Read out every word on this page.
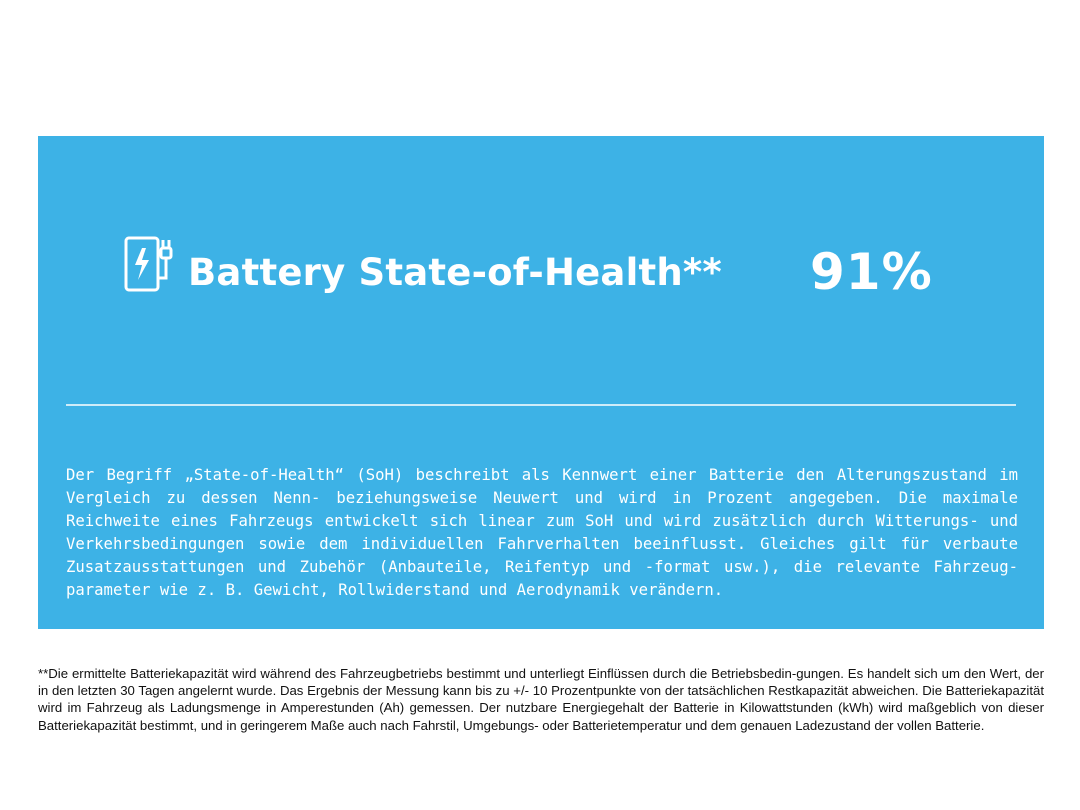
Battery State-of-Health** 91%
Der Begriff „State-of-Health“ (SoH) beschreibt als Kennwert einer Batterie den Alterungszustand im Vergleich zu dessen Nenn- beziehungsweise Neuwert und wird in Prozent angegeben. Die maximale Reichweite eines Fahrzeugs entwickelt sich linear zum SoH und wird zusätzlich durch Witterungs- und Verkehrsbedingungen sowie dem individuellen Fahrverhalten beeinflusst. Gleiches gilt für verbaute Zusatzausstattungen und Zubehör (Anbauteile, Reifentyp und -format usw.), die relevante Fahrzeug-parameter wie z. B. Gewicht, Rollwiderstand und Aerodynamik verändern.
**Die ermittelte Batteriekapazität wird während des Fahrzeugbetriebs bestimmt und unterliegt Einflüssen durch die Betriebsbedin-gungen. Es handelt sich um den Wert, der in den letzten 30 Tagen angelernt wurde. Das Ergebnis der Messung kann bis zu +/- 10 Prozentpunkte von der tatsächlichen Restkapazität abweichen. Die Batteriekapazität wird im Fahrzeug als Ladungsmenge in Amperestunden (Ah) gemessen. Der nutzbare Energiegehalt der Batterie in Kilowattstunden (kWh) wird maßgeblich von dieser Batteriekapazität bestimmt, und in geringerem Maße auch nach Fahrstil, Umgebungs- oder Batterietemperatur und dem genauen Ladezustand der vollen Batterie.
